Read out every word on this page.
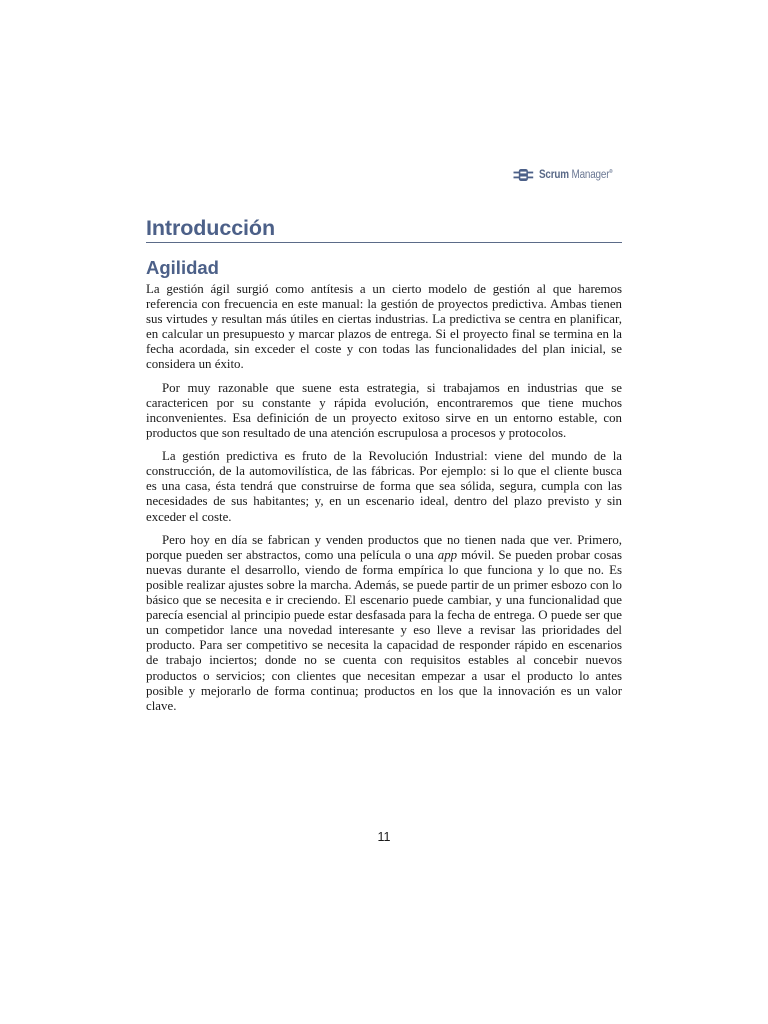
Scrum Manager®
Introducción
Agilidad

La gestión ágil surgió como antítesis a un cierto modelo de gestión al que haremos referencia con frecuencia en este manual: la gestión de proyectos predictiva. Ambas tienen sus virtudes y resultan más útiles en ciertas industrias. La predictiva se centra en planificar, en calcular un presupuesto y marcar plazos de entrega. Si el proyecto final se termina en la fecha acordada, sin exceder el coste y con todas las funcionalidades del plan inicial, se considera un éxito.

Por muy razonable que suene esta estrategia, si trabajamos en industrias que se caractericen por su constante y rápida evolución, encontraremos que tiene muchos inconvenientes. Esa definición de un proyecto exitoso sirve en un entorno estable, con productos que son resultado de una atención escrupulosa a procesos y protocolos.

La gestión predictiva es fruto de la Revolución Industrial: viene del mundo de la construcción, de la automovilística, de las fábricas. Por ejemplo: si lo que el cliente busca es una casa, ésta tendrá que construirse de forma que sea sólida, segura, cumpla con las necesidades de sus habitantes; y, en un escenario ideal, dentro del plazo previsto y sin exceder el coste.

Pero hoy en día se fabrican y venden productos que no tienen nada que ver. Primero, porque pueden ser abstractos, como una película o una app móvil. Se pueden probar cosas nuevas durante el desarrollo, viendo de forma empírica lo que funciona y lo que no. Es posible realizar ajustes sobre la marcha. Además, se puede partir de un primer esbozo con lo básico que se necesita e ir creciendo. El escenario puede cambiar, y una funcionalidad que parecía esencial al principio puede estar desfasada para la fecha de entrega. O puede ser que un competidor lance una novedad interesante y eso lleve a revisar las prioridades del producto. Para ser competitivo se necesita la capacidad de responder rápido en escenarios de trabajo inciertos; donde no se cuenta con requisitos estables al concebir nuevos productos o servicios; con clientes que necesitan empezar a usar el producto lo antes posible y mejorarlo de forma continua; productos en los que la innovación es un valor clave.

11
